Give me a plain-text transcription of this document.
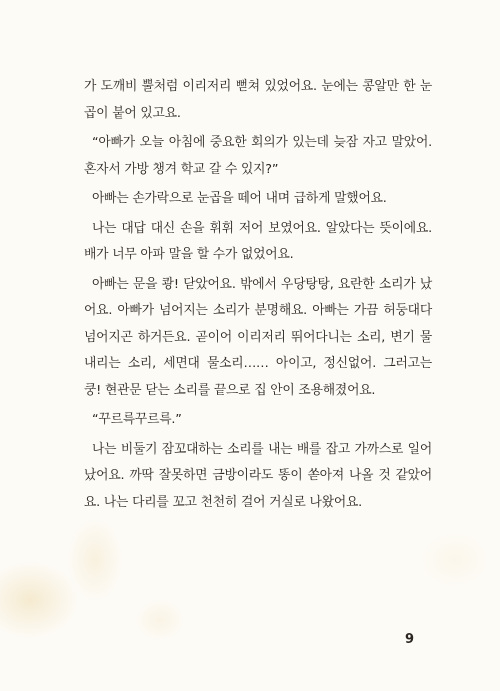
가 도깨비 뿔처럼 이리저리 뻗쳐 있었어요. 눈에는 콩알만 한 눈곱이 붙어 있고요.

“아빠가 오늘 아침에 중요한 회의가 있는데 늦잠 자고 말았어. 혼자서 가방 챙겨 학교 갈 수 있지?”

아빠는 손가락으로 눈곱을 떼어 내며 급하게 말했어요.

나는 대답 대신 손을 휘휘 저어 보였어요. 알았다는 뜻이에요. 배가 너무 아파 말을 할 수가 없었어요.

아빠는 문을 쾅! 닫았어요. 밖에서 우당탕탕, 요란한 소리가 났어요. 아빠가 넘어지는 소리가 분명해요. 아빠는 가끔 허둥대다 넘어지곤 하거든요. 곧이어 이리저리 뛰어다니는 소리, 변기 물 내리는 소리, 세면대 물소리…… 아이고, 정신없어. 그러고는 쿵! 현관문 닫는 소리를 끝으로 집 안이 조용해졌어요.

“꾸르륵꾸르륵.”

나는 비둘기 잠꼬대하는 소리를 내는 배를 잡고 가까스로 일어났어요. 까딱 잘못하면 금방이라도 똥이 쏟아져 나올 것 같았어요. 나는 다리를 꼬고 천천히 걸어 거실로 나왔어요.

9
